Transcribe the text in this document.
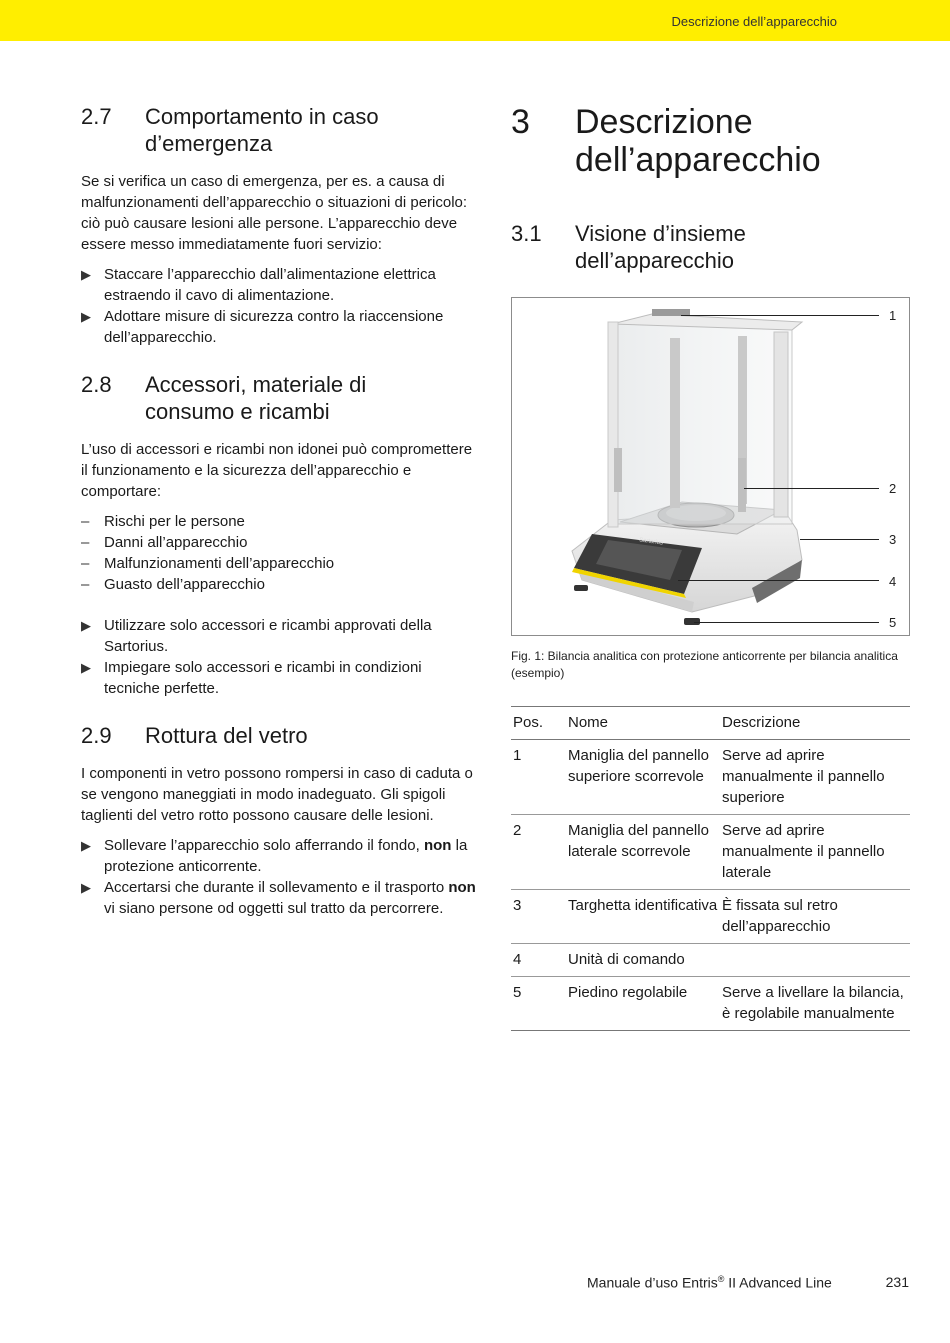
Descrizione dell’apparecchio
2.7	Comportamento in caso
d’emergenza

Se si verifica un caso di emergenza, per es. a causa di malfunzionamenti dell’apparecchio o situazioni di pericolo: ciò può causare lesioni alle persone. L’apparecchio deve essere messo immediatamente fuori servizio:

▶ Staccare l’apparecchio dall’alimentazione elettrica estraendo il cavo di alimentazione.
▶ Adottare misure di sicurezza contro la riaccensione dell’apparecchio.
2.8	Accessori, materiale di
consumo e ricambi

L’uso di accessori e ricambi non idonei può compromettere il funzionamento e la sicurezza dell’apparecchio e comportare:

– Rischi per le persone
– Danni all’apparecchio
– Malfunzionamenti dell’apparecchio
– Guasto dell’apparecchio
▶ Utilizzare solo accessori e ricambi approvati della Sartorius.
▶ Impiegare solo accessori e ricambi in condizioni tecniche perfette.
2.9	Rottura del vetro

I componenti in vetro possono rompersi in caso di caduta o se vengono maneggiati in modo inadeguato. Gli spigoli taglienti del vetro rotto possono causare delle lesioni.

▶ Sollevare l’apparecchio solo afferrando il fondo, non la protezione anticorrente.
▶ Accertarsi che durante il sollevamento e il trasporto non vi siano persone od oggetti sul tratto da percorrere.
3	Descrizione
dell’apparecchio
3.1	Visione d’insieme
dell’apparecchio
1
2
3
4
5
Sartorius
Fig. 1: Bilancia analitica con protezione anticorrente per bilancia analitica (esempio)
Pos.	Nome	Descrizione
1	Maniglia del pannello superiore scorrevole	Serve ad aprire manualmente il pannello superiore
2	Maniglia del pannello laterale scorrevole	Serve ad aprire manualmente il pannello laterale
3	Targhetta identificativa	È fissata sul retro dell’apparecchio
4	Unità di comando	
5	Piedino regolabile	Serve a livellare la bilancia, è regolabile manualmente
Manuale d’uso Entris® II Advanced Line	231
